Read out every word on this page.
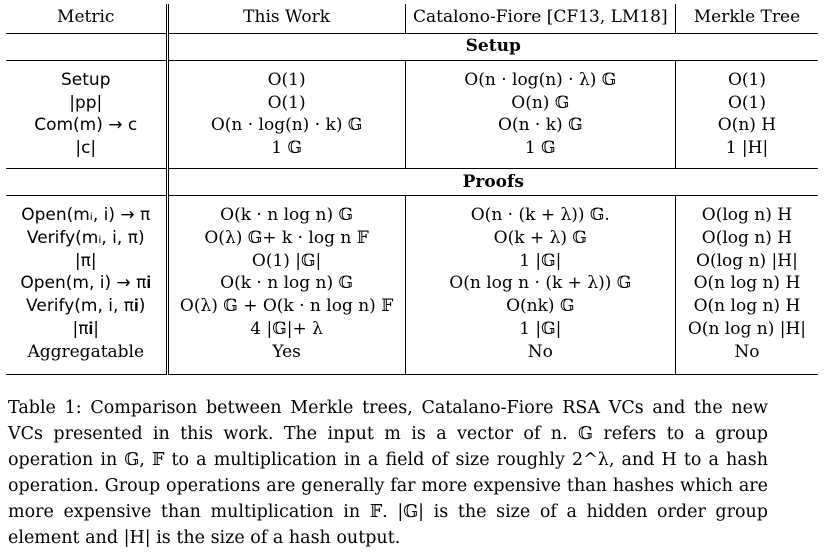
Metric	This Work	Catalono-Fiore [CF13, LM18]	Merkle Tree
	Setup		

Setup	O(1)	O(n · log(n) · λ) 𝔾	O(1)
|pp|	O(1)	O(n) 𝔾	O(1)
Com(m) → c	O(n · log(n) · k) 𝔾	O(n · k) 𝔾	O(n) H
|c|	1 𝔾	1 𝔾	1 |H|

	Proofs		

Open(mᵢ, i) → π	O(k · n log n) 𝔾	O(n · (k + λ)) 𝔾.	O(log n) H
Verify(mᵢ, i, π)	O(λ) 𝔾+ k · log n 𝔽	O(k + λ) 𝔾	O(log n) H
|π|	O(1) |𝔾|	1 |𝔾|	O(log n) |H|
Open(m, i) → π𝐢	O(k · n log n) 𝔾	O(n log n · (k + λ)) 𝔾	O(n log n) H
Verify(m, i, π𝐢)	O(λ) 𝔾 + O(k · n log n) 𝔽	O(nk) 𝔾	O(n log n) H
|π𝐢|	4 |𝔾|+ λ	1 |𝔾|	O(n log n) |H|
Aggregatable	Yes	No	No

Table 1: Comparison between Merkle trees, Catalano-Fiore RSA VCs and the new VCs presented in this work. The input m is a vector of n. 𝔾 refers to a group operation in 𝔾, 𝔽 to a multiplication in a field of size roughly 2^λ, and H to a hash operation. Group operations are generally far more expensive than hashes which are more expensive than multiplication in 𝔽. |𝔾| is the size of a hidden order group element and |H| is the size of a hash output.
